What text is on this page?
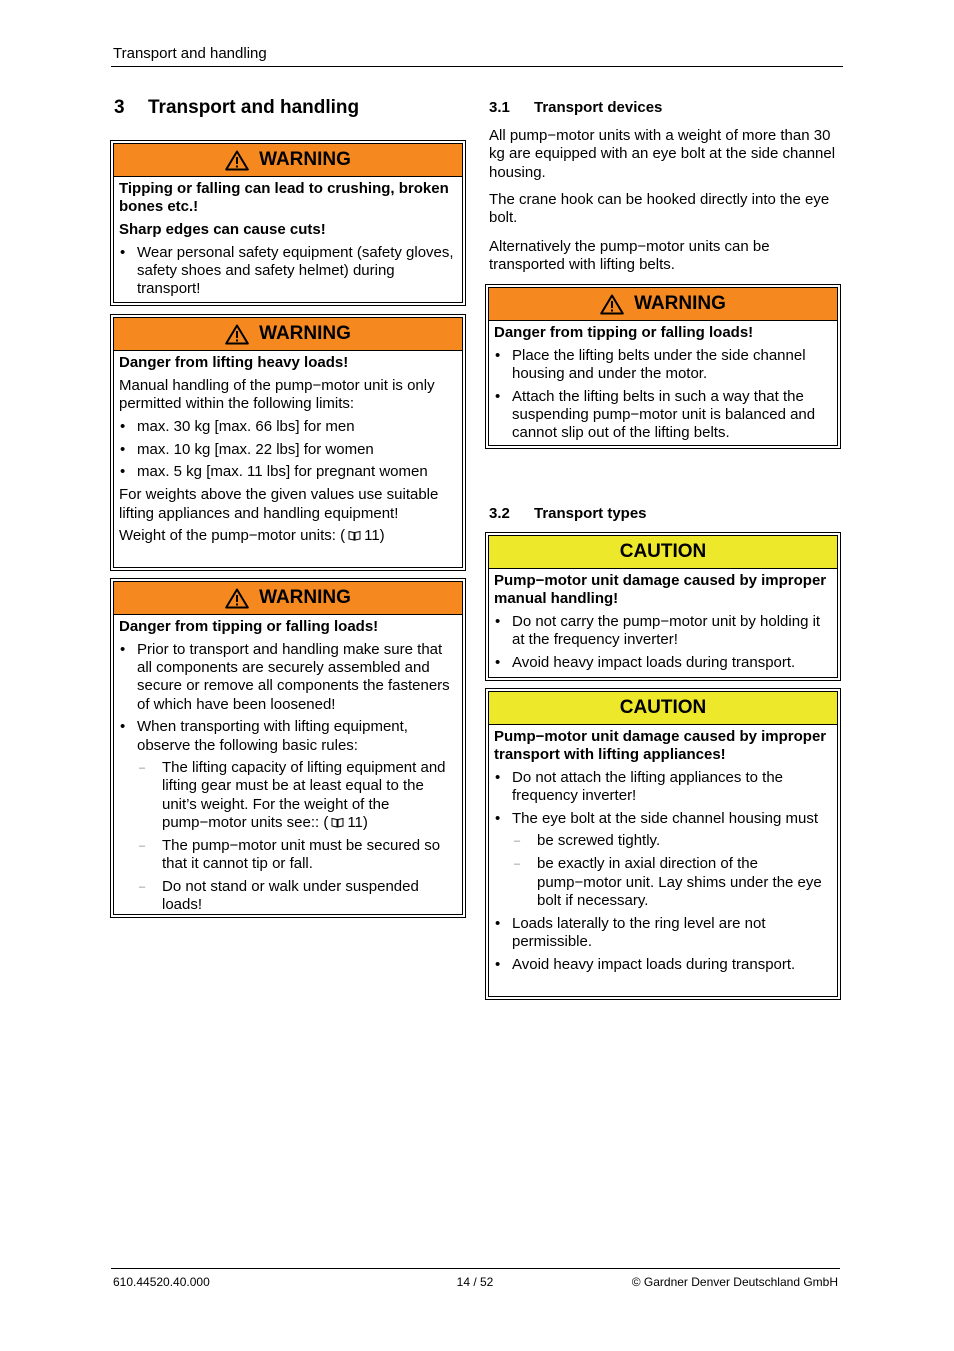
Transport and handling
3 Transport and handling
WARNING

Tipping or falling can lead to crushing, broken bones etc.!

Sharp edges can cause cuts!

• Wear personal safety equipment (safety gloves, safety shoes and safety helmet) during transport!
WARNING

Danger from lifting heavy loads!

Manual handling of the pump−motor unit is only permitted within the following limits:

• max. 30 kg [max. 66 lbs] for men
• max. 10 kg [max. 22 lbs] for women
• max. 5 kg [max. 11 lbs] for pregnant women

For weights above the given values use suitable lifting appliances and handling equipment!

Weight of the pump−motor units: ( 11)

WARNING

Danger from tipping or falling loads!

• Prior to transport and handling make sure that all components are securely assembled and secure or remove all components the fasteners of which have been loosened!
• When transporting with lifting equipment, observe the following basic rules:
– The lifting capacity of lifting equipment and lifting gear must be at least equal to the unit’s weight. For the weight of the pump−motor units see:: ( 11)
– The pump−motor unit must be secured so that it cannot tip or fall.
– Do not stand or walk under suspended loads!
3.1 Transport devices
All pump−motor units with a weight of more than 30 kg are equipped with an eye bolt at the side channel housing.
The crane hook can be hooked directly into the eye bolt.
Alternatively the pump−motor units can be transported with lifting belts.
WARNING

Danger from tipping or falling loads!

• Place the lifting belts under the side channel housing and under the motor.
• Attach the lifting belts in such a way that the suspending pump−motor unit is balanced and cannot slip out of the lifting belts.
3.2 Transport types
CAUTION

Pump−motor unit damage caused by improper manual handling!

• Do not carry the pump−motor unit by holding it at the frequency inverter!
• Avoid heavy impact loads during transport.
CAUTION

Pump−motor unit damage caused by improper transport with lifting appliances!

• Do not attach the lifting appliances to the frequency inverter!
• The eye bolt at the side channel housing must
– be screwed tightly.
– be exactly in axial direction of the pump−motor unit. Lay shims under the eye bolt if necessary.
• Loads laterally to the ring level are not permissible.
• Avoid heavy impact loads during transport.
610.44520.40.000	14 / 52	© Gardner Denver Deutschland GmbH
